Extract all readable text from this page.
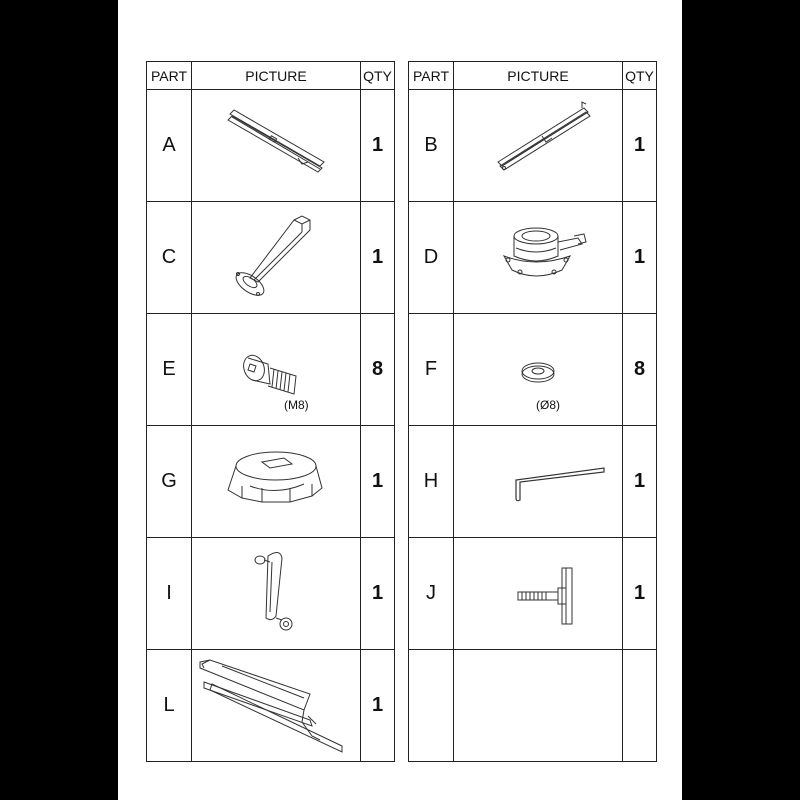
PART	PICTURE	QTY
A		1
C		1
E	(M8)	8
G		1
I		1
L		1
PART	PICTURE	QTY
B		1
D		1
F	(Ø8)	8
H		1
J		1
